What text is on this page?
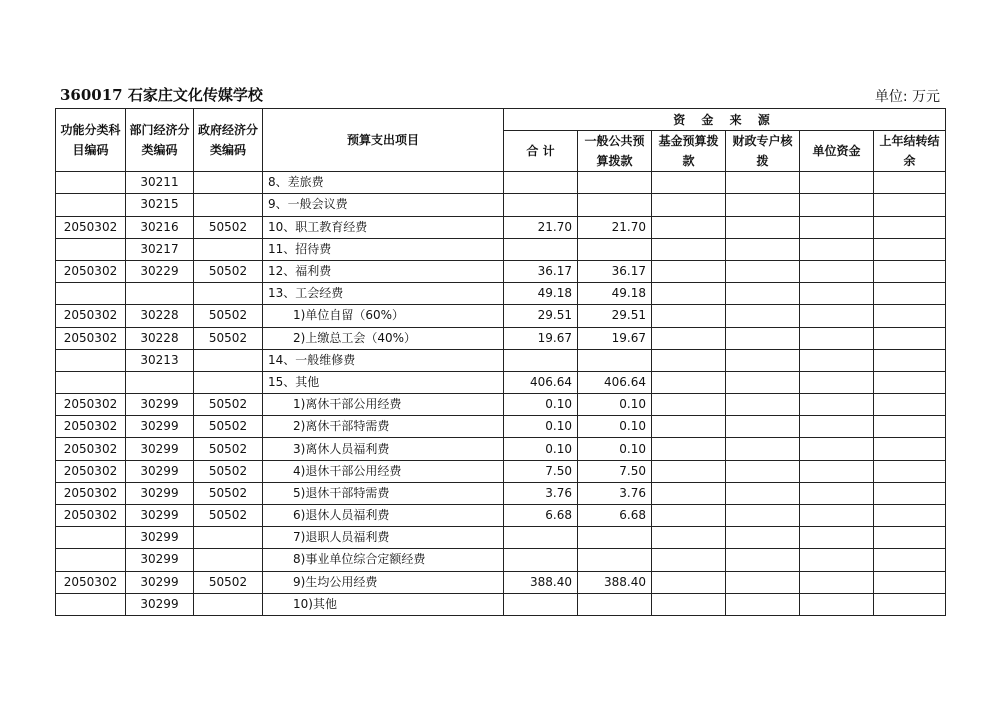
360017 石家庄文化传媒学校	单位: 万元
功能分类科目编码	部门经济分类编码	政府经济分类编码	预算支出项目	资 金 来 源					
				合 计	一般公共预算拨款	基金预算拨款	财政专户核拨	单位资金	上年结转结余
	30211		8、差旅费						
	30215		9、一般会议费						
2050302	30216	50502	10、职工教育经费	21.70	21.70				
	30217		11、招待费						
2050302	30229	50502	12、福利费	36.17	36.17				
			13、工会经费	49.18	49.18				
2050302	30228	50502	1)单位自留（60%）	29.51	29.51				
2050302	30228	50502	2)上缴总工会（40%）	19.67	19.67				
	30213		14、一般维修费						
			15、其他	406.64	406.64				
2050302	30299	50502	1)离休干部公用经费	0.10	0.10				
2050302	30299	50502	2)离休干部特需费	0.10	0.10				
2050302	30299	50502	3)离休人员福利费	0.10	0.10				
2050302	30299	50502	4)退休干部公用经费	7.50	7.50				
2050302	30299	50502	5)退休干部特需费	3.76	3.76				
2050302	30299	50502	6)退休人员福利费	6.68	6.68				
	30299		7)退职人员福利费						
	30299		8)事业单位综合定额经费						
2050302	30299	50502	9)生均公用经费	388.40	388.40				
	30299		10)其他						
